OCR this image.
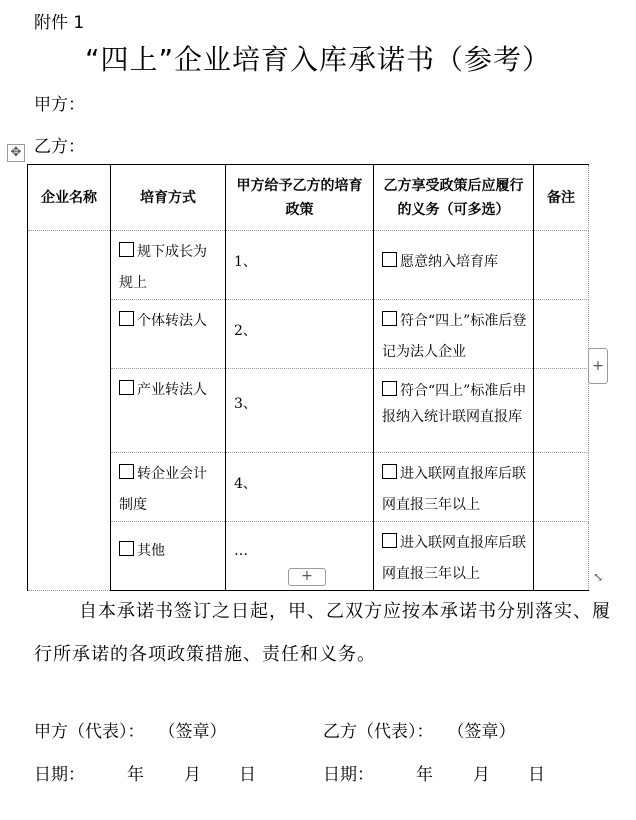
附件 1
“四上”企业培育入库承诺书（参考）
甲方：
乙方：
✥
企业名称	培育方式	甲方给予乙方的培育政策	乙方享受政策后应履行的义务（可多选）	备注

	规下成长为规上	1、	愿意纳入培育库	

	个体转法人	2、	符合“四上”标准后登记为法人企业	

	产业转法人	3、	符合“四上”标准后申报纳入统计联网直报库	

	转企业会计制度	4、	进入联网直报库后联网直报三年以上	

	其他	…	进入联网直报库后联网直报三年以上	

+
+	⤡
自本承诺书签订之日起，甲、乙双方应按本承诺书分别落实、履行所承诺的各项政策措施、责任和义务。
甲方（代表）： （签章）	乙方（代表）： （签章）
日期： 年 月 日	日期： 年 月 日
